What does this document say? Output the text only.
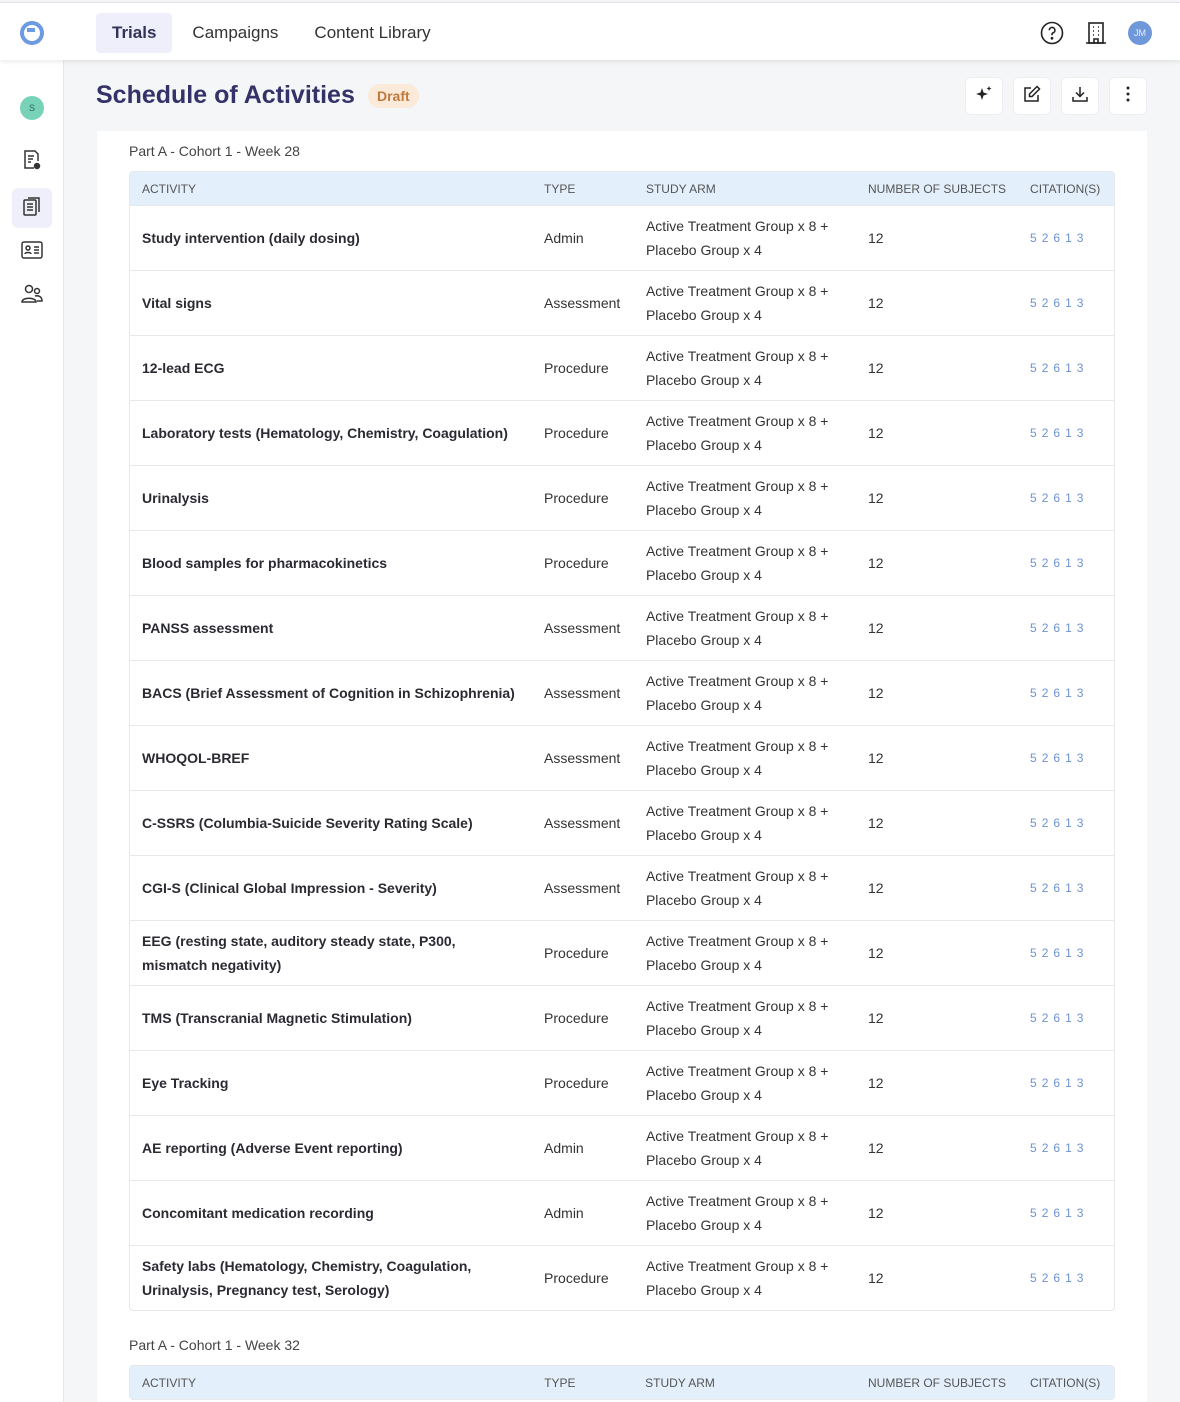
Trials	Campaigns	Content Library	JM
S	Schedule of Activities	Draft
Part A - Cohort 1 - Week 28
ACTIVITY	TYPE	STUDY ARM	NUMBER OF SUBJECTS	CITATION(S)
Study intervention (daily dosing)	Admin	Active Treatment Group x 8 + Placebo Group x 4	12	5 2 6 1 3
Vital signs	Assessment	Active Treatment Group x 8 + Placebo Group x 4	12	5 2 6 1 3
12-lead ECG	Procedure	Active Treatment Group x 8 + Placebo Group x 4	12	5 2 6 1 3
Laboratory tests (Hematology, Chemistry, Coagulation)	Procedure	Active Treatment Group x 8 + Placebo Group x 4	12	5 2 6 1 3
Urinalysis	Procedure	Active Treatment Group x 8 + Placebo Group x 4	12	5 2 6 1 3
Blood samples for pharmacokinetics	Procedure	Active Treatment Group x 8 + Placebo Group x 4	12	5 2 6 1 3
PANSS assessment	Assessment	Active Treatment Group x 8 + Placebo Group x 4	12	5 2 6 1 3
BACS (Brief Assessment of Cognition in Schizophrenia)	Assessment	Active Treatment Group x 8 + Placebo Group x 4	12	5 2 6 1 3
WHOQOL-BREF	Assessment	Active Treatment Group x 8 + Placebo Group x 4	12	5 2 6 1 3
C-SSRS (Columbia-Suicide Severity Rating Scale)	Assessment	Active Treatment Group x 8 + Placebo Group x 4	12	5 2 6 1 3
CGI-S (Clinical Global Impression - Severity)	Assessment	Active Treatment Group x 8 + Placebo Group x 4	12	5 2 6 1 3
EEG (resting state, auditory steady state, P300, mismatch negativity)	Procedure	Active Treatment Group x 8 + Placebo Group x 4	12	5 2 6 1 3
TMS (Transcranial Magnetic Stimulation)	Procedure	Active Treatment Group x 8 + Placebo Group x 4	12	5 2 6 1 3
Eye Tracking	Procedure	Active Treatment Group x 8 + Placebo Group x 4	12	5 2 6 1 3
AE reporting (Adverse Event reporting)	Admin	Active Treatment Group x 8 + Placebo Group x 4	12	5 2 6 1 3
Concomitant medication recording	Admin	Active Treatment Group x 8 + Placebo Group x 4	12	5 2 6 1 3
Safety labs (Hematology, Chemistry, Coagulation, Urinalysis, Pregnancy test, Serology)	Procedure	Active Treatment Group x 8 + Placebo Group x 4	12	5 2 6 1 3
Part A - Cohort 1 - Week 32
ACTIVITY	TYPE	STUDY ARM	NUMBER OF SUBJECTS	CITATION(S)
